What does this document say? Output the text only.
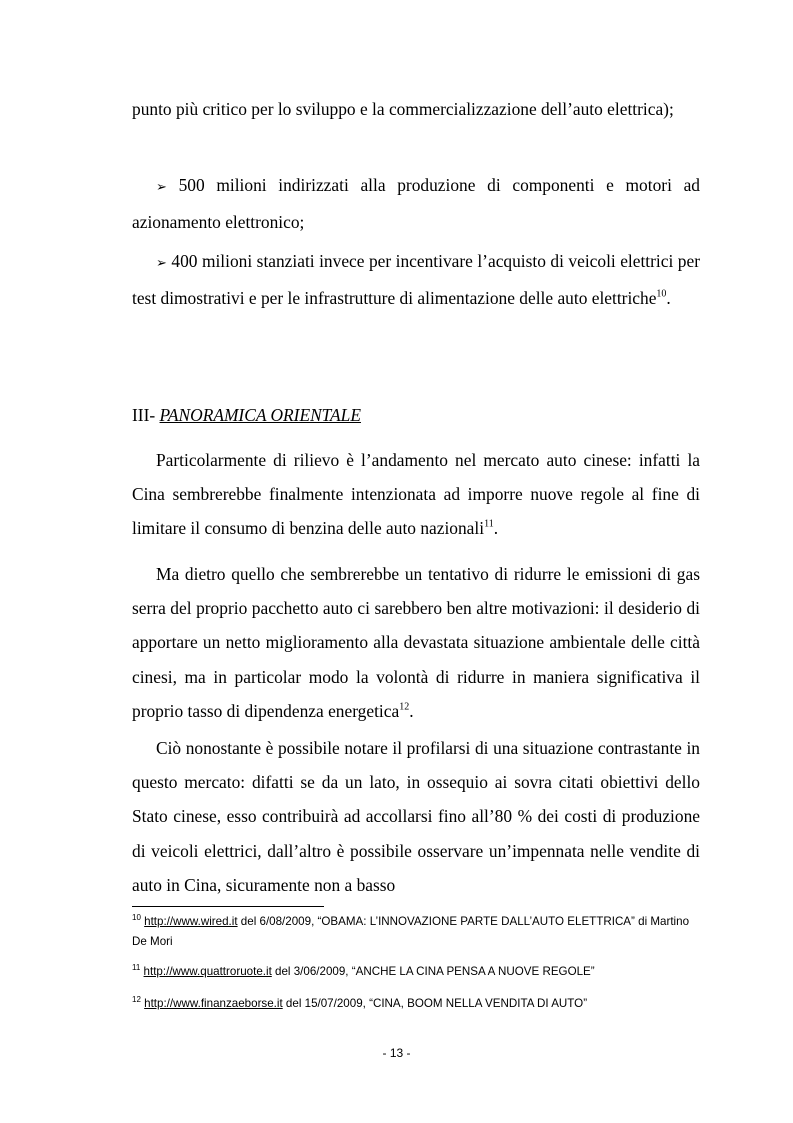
punto più critico per lo sviluppo e la commercializzazione dell’auto elettrica);

➢ 500 milioni indirizzati alla produzione di componenti e motori ad azionamento elettronico;

➢ 400 milioni stanziati invece per incentivare l’acquisto di veicoli elettrici per test dimostrativi e per le infrastrutture di alimentazione delle auto elettriche$^{10}$.

III- PANORAMICA ORIENTALE

Particolarmente di rilievo è l’andamento nel mercato auto cinese: infatti la Cina sembrerebbe finalmente intenzionata ad imporre nuove regole al fine di limitare il consumo di benzina delle auto nazionali$^{11}$.

Ma dietro quello che sembrerebbe un tentativo di ridurre le emissioni di gas serra del proprio pacchetto auto ci sarebbero ben altre motivazioni: il desiderio di apportare un netto miglioramento alla devastata situazione ambientale delle città cinesi, ma in particolar modo la volontà di ridurre in maniera significativa il proprio tasso di dipendenza energetica$^{12}$.

Ciò nonostante è possibile notare il profilarsi di una situazione contrastante in questo mercato: difatti se da un lato, in ossequio ai sovra citati obiettivi dello Stato cinese, esso contribuirà ad accollarsi fino all’80 % dei costi di produzione di veicoli elettrici, dall’altro è possibile osservare un’impennata nelle vendite di auto in Cina, sicuramente non a basso

$^{10}$ http://www.wired.it del 6/08/2009, “OBAMA: L’INNOVAZIONE PARTE DALL’AUTO ELETTRICA” di Martino De Mori

$^{11}$ http://www.quattroruote.it del 3/06/2009, “ANCHE LA CINA PENSA A NUOVE REGOLE”

$^{12}$ http://www.finanzaeborse.it del 15/07/2009, “CINA, BOOM NELLA VENDITA DI AUTO”

- 13 -
